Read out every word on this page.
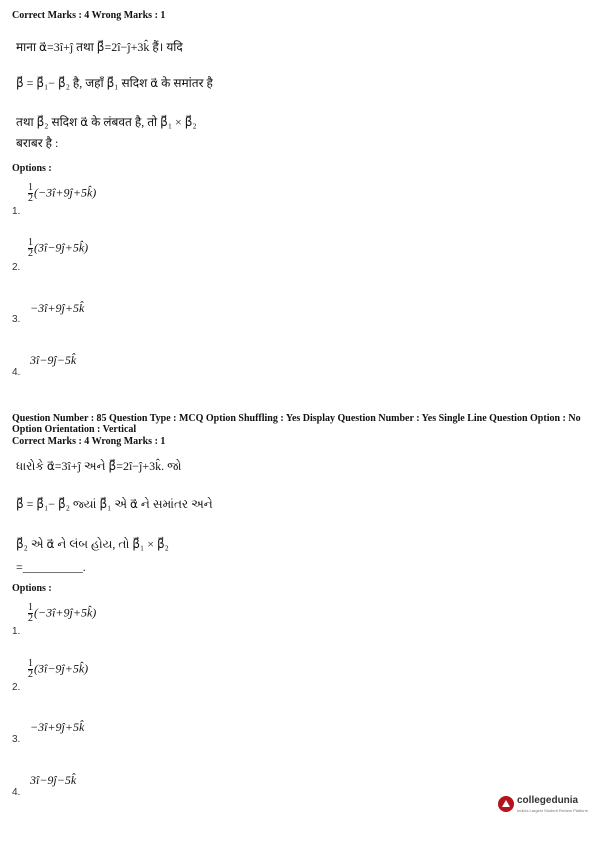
Correct Marks : 4 Wrong Marks : 1
माना α⃗=3î+ĵ तथा β⃗=2î−ĵ+3k̂ हैं। यदि
β⃗ = β⃗₁− β⃗₂ है, जहाँ β⃗₁ सदिश α⃗ के समांतर है
तथा β⃗₂ सदिश α⃗ के लंबवत है, तो β⃗₁ × β⃗₂
बराबर है :
Options :
$\frac{1}{2}$ (−3î+9ĵ+5k̂)
1.
$\frac{1}{2}$ (3î−9ĵ+5k̂)
2.
−3î+9ĵ+5k̂
3.
3î−9ĵ−5k̂
4.
Question Number : 85 Question Type : MCQ Option Shuffling : Yes Display Question Number : Yes Single Line Question Option : No Option Orientation : Vertical
Correct Marks : 4 Wrong Marks : 1
ધારોકે α⃗=3î+ĵ અને β⃗=2î−ĵ+3k̂. જો
β⃗ = β⃗₁− β⃗₂ જ્યાં β⃗₁ એ α⃗ ને સમાંતર અને
β⃗₂ એ α⃗ ને લંબ હોય, તો β⃗₁ × β⃗₂
=__________.
Options :
$\frac{1}{2}$ (−3î+9ĵ+5k̂)
1.
$\frac{1}{2}$ (3î−9ĵ+5k̂)
2.
−3î+9ĵ+5k̂
3.
3î−9ĵ−5k̂
4.
collegedunia
India's Largest Student Review Platform
